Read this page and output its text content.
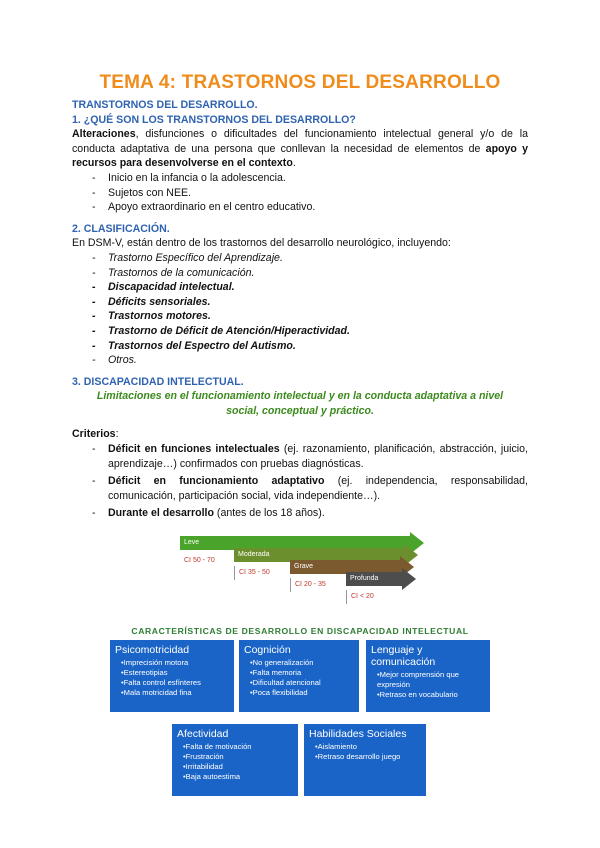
TEMA 4: TRASTORNOS DEL DESARROLLO

TRANSTORNOS DEL DESARROLLO.

1. ¿QUÉ SON LOS TRANSTORNOS DEL DESARROLLO?

Alteraciones, disfunciones o dificultades del funcionamiento intelectual general y/o de la conducta adaptativa de una persona que conllevan la necesidad de elementos de apoyo y recursos para desenvolverse en el contexto.

- Inicio en la infancia o la adolescencia.
- Sujetos con NEE.
- Apoyo extraordinario en el centro educativo.

2. CLASIFICACIÓN.

En DSM-V, están dentro de los trastornos del desarrollo neurológico, incluyendo:

- Trastorno Específico del Aprendizaje.
- Trastornos de la comunicación.
- Discapacidad intelectual.
- Déficits sensoriales.
- Trastornos motores.
- Trastorno de Déficit de Atención/Hiperactividad.
- Trastornos del Espectro del Autismo.
- Otros.

3. DISCAPACIDAD INTELECTUAL.

Limitaciones en el funcionamiento intelectual y en la conducta adaptativa a nivel social, conceptual y práctico.

Criterios:

- Déficit en funciones intelectuales (ej. razonamiento, planificación, abstracción, juicio, aprendizaje…) confirmados con pruebas diagnósticas.
- Déficit en funcionamiento adaptativo (ej. independencia, responsabilidad, comunicación, participación social, vida independiente…).
- Durante el desarrollo (antes de los 18 años).
Leve
CI 50 - 70
Moderada
CI 35 - 50
Grave
CI 20 - 35
Profunda
CI < 20
CARACTERÍSTICAS DE DESARROLLO EN DISCAPACIDAD INTELECTUAL
Psicomotricidad
• Imprecisión motora
• Estereotipias
• Falta control esfínteres
• Mala motricidad fina
Cognición
• No generalización
• Falta memoria
• Dificultad atencional
• Poca flexibilidad
Lenguaje y comunicación
• Mejor comprensión que expresión
• Retraso en vocabulario
Afectividad
• Falta de motivación
• Frustración
• Irritabilidad
• Baja autoestima
Habilidades Sociales
• Aislamiento
• Retraso desarrollo juego
